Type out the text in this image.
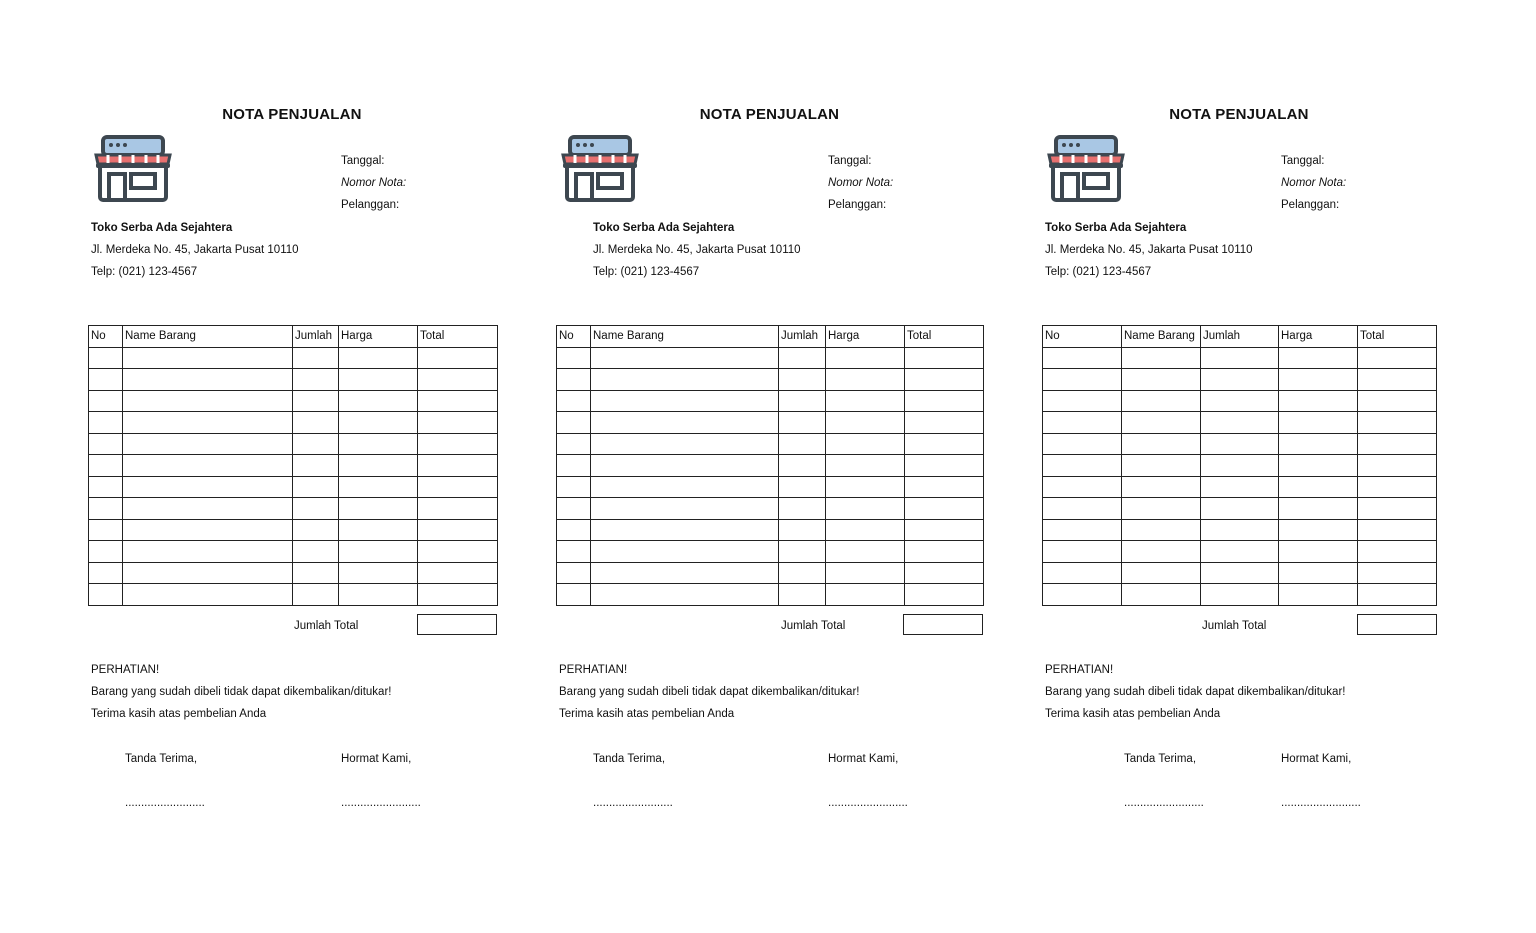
NOTA PENJUALAN
Tanggal:
Nomor Nota:
Pelanggan:
Toko Serba Ada Sejahtera
Jl. Merdeka No. 45, Jakarta Pusat 10110
Telp: (021) 123-4567
No	Name Barang	Jumlah	Harga	Total

Jumlah Total
PERHATIAN!
Barang yang sudah dibeli tidak dapat dikembalikan/ditukar!
Terima kasih atas pembelian Anda
Tanda Terima,	Hormat Kami,
.........................	.........................
NOTA PENJUALAN
Tanggal:
Nomor Nota:
Pelanggan:
Toko Serba Ada Sejahtera
Jl. Merdeka No. 45, Jakarta Pusat 10110
Telp: (021) 123-4567
No	Name Barang	Jumlah	Harga	Total

Jumlah Total
PERHATIAN!
Barang yang sudah dibeli tidak dapat dikembalikan/ditukar!
Terima kasih atas pembelian Anda
Tanda Terima,	Hormat Kami,
.........................	.........................
NOTA PENJUALAN
Tanggal:
Nomor Nota:
Pelanggan:
Toko Serba Ada Sejahtera
Jl. Merdeka No. 45, Jakarta Pusat 10110
Telp: (021) 123-4567
No	Name Barang	Jumlah	Harga	Total

Jumlah Total
PERHATIAN!
Barang yang sudah dibeli tidak dapat dikembalikan/ditukar!
Terima kasih atas pembelian Anda
Tanda Terima,	Hormat Kami,
.........................	.........................
